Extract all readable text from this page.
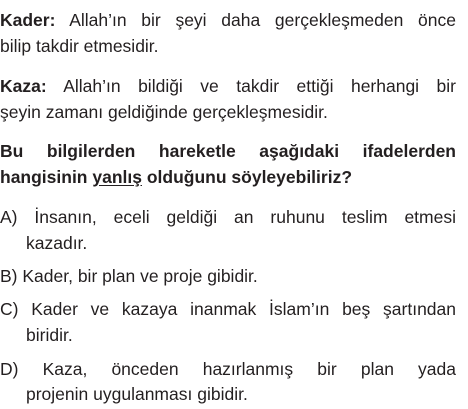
Kader: Allah’ın bir şeyi daha gerçekleşmeden önce
bilip takdir etmesidir.
Kaza: Allah’ın bildiği ve takdir ettiği herhangi bir
şeyin zamanı geldiğinde gerçekleşmesidir.
Bu bilgilerden hareketle aşağıdaki ifadelerden
hangisinin yanlış olduğunu söyleyebiliriz?
A) İnsanın, eceli geldiği an ruhunu teslim etmesi
kazadır.
B) Kader, bir plan ve proje gibidir.
C) Kader ve kazaya inanmak İslam’ın beş şartından
biridir.
D) Kaza, önceden hazırlanmış bir plan yada
projenin uygulanması gibidir.
